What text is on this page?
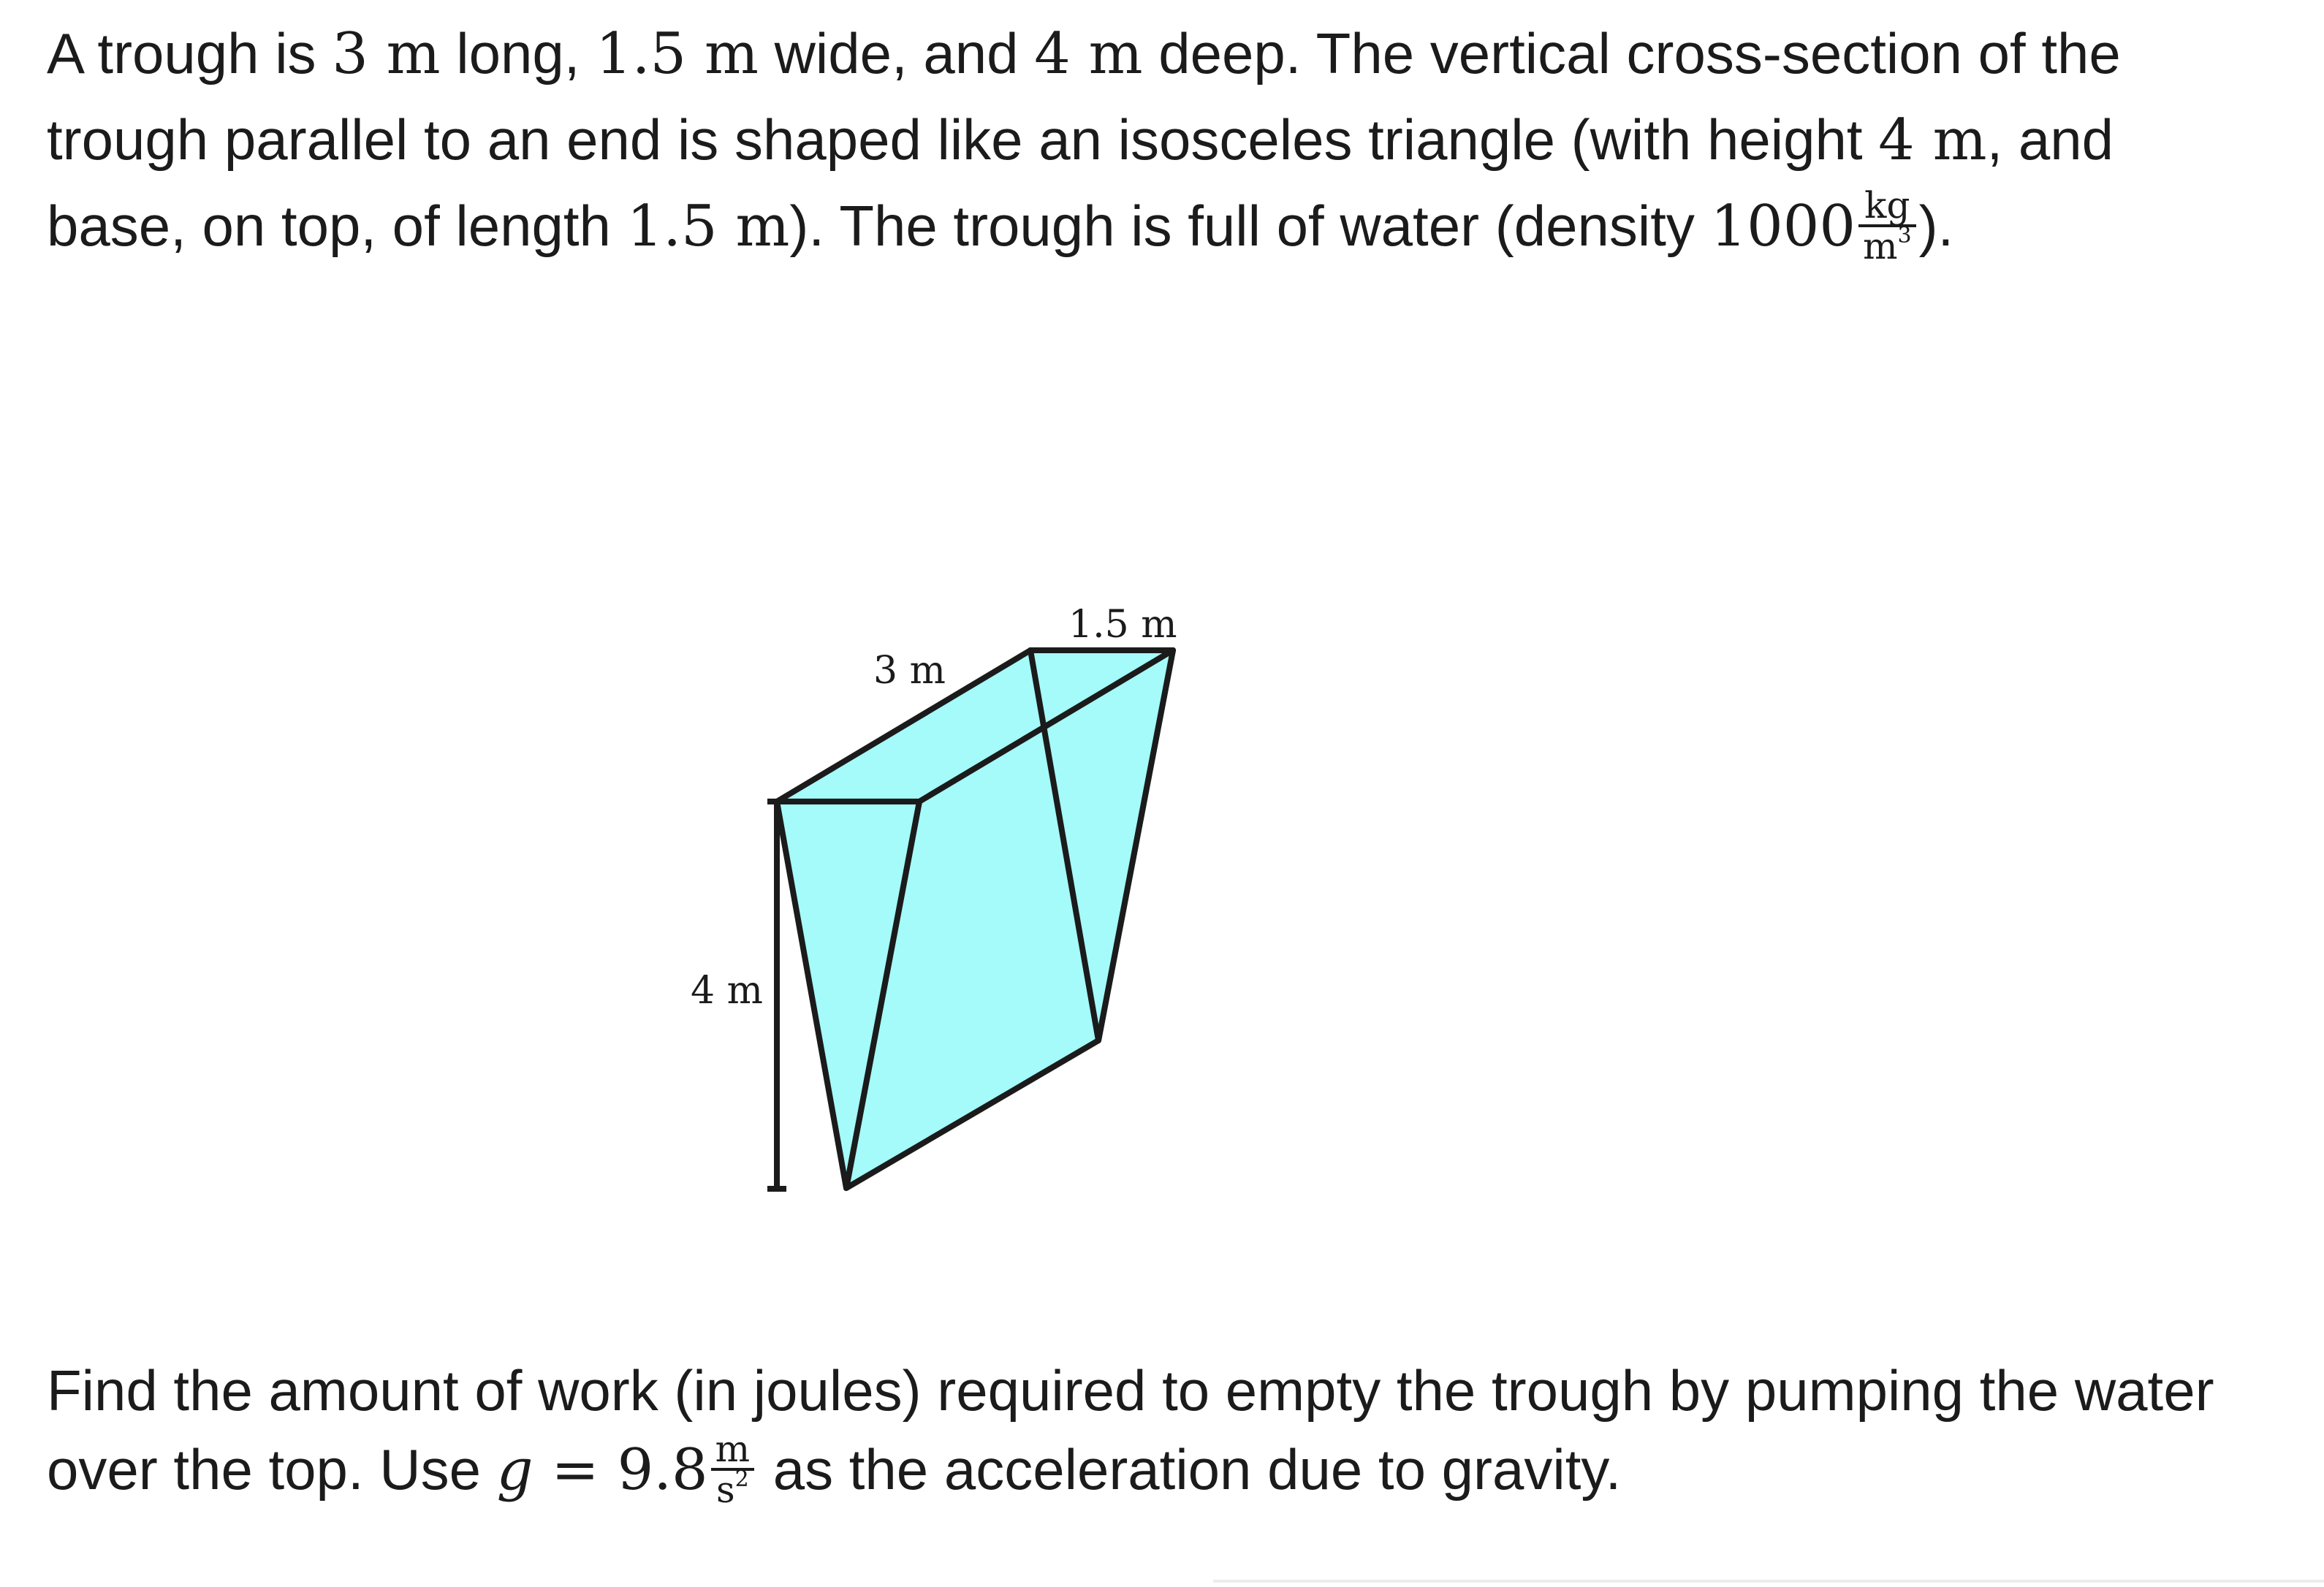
A trough is 3 m long, 1.5 m wide, and 4 m deep. The vertical cross-section of the
trough parallel to an end is shaped like an isosceles triangle (with height 4 m, and
base, on top, of length 1.5 m). The trough is full of water (density $1000 \frac{kg}{m^3}$ ).
3 m
1.5 m
4 m
Find the amount of work (in joules) required to empty the trough by pumping the water
over the top. Use $g = 9.8 \frac{m}{s^2}$ as the acceleration due to gravity.
